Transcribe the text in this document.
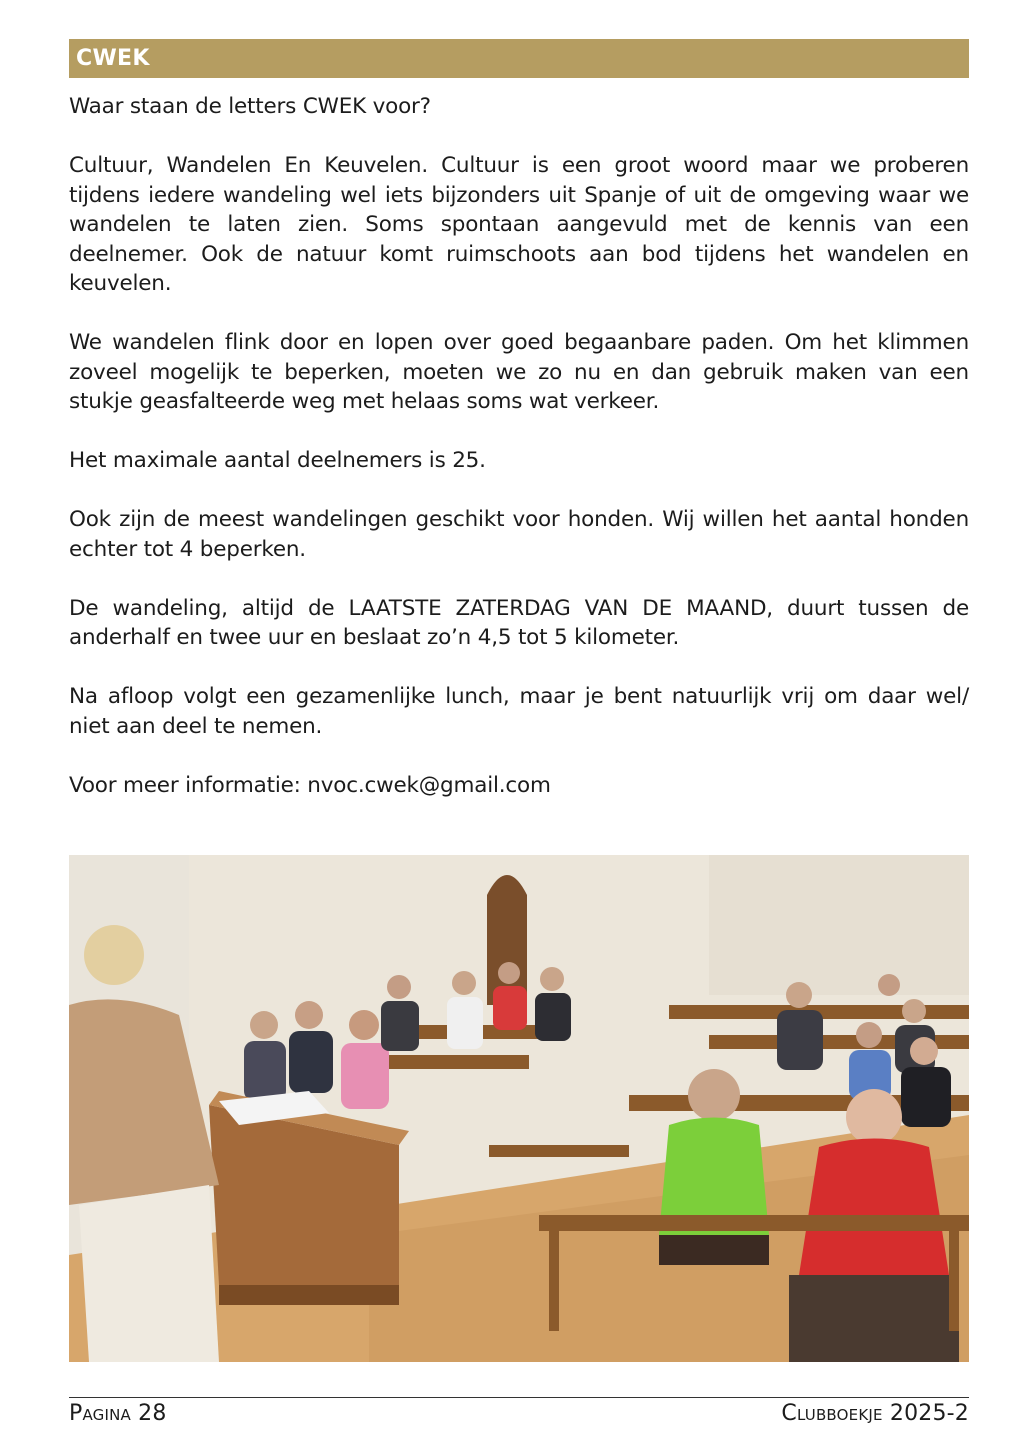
CWEK

Waar staan de letters CWEK voor?

Cultuur, Wandelen En Keuvelen. Cultuur is een groot woord maar we proberen tijdens iedere wandeling wel iets bijzonders uit Spanje of uit de omgeving waar we wandelen te laten zien. Soms spontaan aangevuld met de kennis van een deelnemer. Ook de natuur komt ruimschoots aan bod tijdens het wandelen en keuvelen.

We wandelen flink door en lopen over goed begaanbare paden. Om het klimmen zoveel mogelijk te beperken, moeten we zo nu en dan gebruik maken van een stukje geasfalteerde weg met helaas soms wat verkeer.

Het maximale aantal deelnemers is 25.

Ook zijn de meest wandelingen geschikt voor honden. Wij willen het aantal honden echter tot 4 beperken.

De wandeling, altijd de LAATSTE ZATERDAG VAN DE MAAND, duurt tussen de anderhalf en twee uur en beslaat zo’n 4,5 tot 5 kilometer.

Na afloop volgt een gezamenlijke lunch, maar je bent natuurlijk vrij om daar wel/ niet aan deel te nemen.

Voor meer informatie: nvoc.cwek@gmail.com

Pagina 28	Clubboekje 2025-2
